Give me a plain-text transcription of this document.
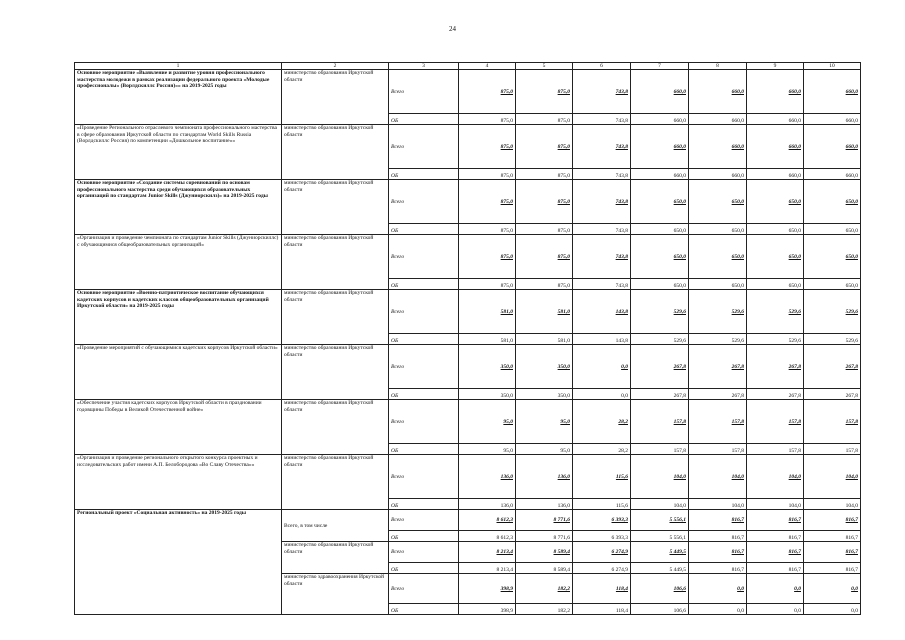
24
1	2	3	4	5	6	7	8	9	10
Основное мероприятие «Выявление и развитие уровня профессионального мастерства молодежи в рамках реализации федерального проекта «Молодые профессионалы» (Ворлдскиллс Россия)»» на 2019-2025 годы	министерство образования Иркутской области	Всего	875,0	875,0	743,8	660,0	660,0	660,0	660,0
		ОБ	875,0	875,0	743,8	660,0	660,0	660,0	660,0
«Проведение Регионального отраслевого чемпионата профессионального мастерства в сфере образования Иркутской области по стандартам World Skills Russia (Ворлдскиллс Россия) по компетенции «Дошкольное воспитание»»	министерство образования Иркутской области	Всего	875,0	875,0	743,8	660,0	660,0	660,0	660,0
		ОБ	875,0	875,0	743,8	660,0	660,0	660,0	660,0
Основное мероприятие «Создание системы соревнований по основам профессионального мастерства среди обучающихся образовательных организаций по стандартам Junior Skills (Джуниорскилз)» на 2019-2025 годы	министерство образования Иркутской области	Всего	875,0	875,0	743,8	650,0	650,0	650,0	650,0
		ОБ	875,0	875,0	743,8	650,0	650,0	650,0	650,0
«Организация и проведение чемпионата по стандартам Junior Skills (Джуниорскиллс) с обучающимися общеобразовательных организаций»	министерство образования Иркутской области	Всего	875,0	875,0	743,8	650,0	650,0	650,0	650,0
		ОБ	875,0	875,0	743,8	650,0	650,0	650,0	650,0
Основное мероприятие «Военно-патриотическое воспитание обучающихся кадетских корпусов и кадетских классов общеобразовательных организаций Иркутской области» на 2019-2025 годы	министерство образования Иркутской области	Всего	581,0	581,0	143,8	529,6	529,6	529,6	529,6
		ОБ	581,0	581,0	143,8	529,6	529,6	529,6	529,6
«Проведение мероприятий с обучающимися кадетских корпусов Иркутской области»	министерство образования Иркутской области	Всего	350,0	350,0	0,0	267,8	267,8	267,8	267,8
		ОБ	350,0	350,0	0,0	267,8	267,8	267,8	267,8
«Обеспечение участия кадетских корпусов Иркутской области в праздновании годовщины Победы в Великой Отечественной войне»	министерство образования Иркутской области	Всего	95,0	95,0	28,2	157,8	157,8	157,8	157,8
		ОБ	95,0	95,0	28,2	157,8	157,8	157,8	157,8
«Организация и проведение регионального открытого конкурса проектных и исследовательских работ имени А.П. Белобородова «Во Славу Отечества»»	министерство образования Иркутской области	Всего	136,0	136,0	115,6	104,0	104,0	104,0	104,0
		ОБ	136,0	136,0	115,6	104,0	104,0	104,0	104,0
Региональный проект «Социальная активность» на 2019-2025 годы	Всего, в том числе	Всего	8 612,3	8 771,6	6 393,3	5 556,1	816,7	816,7	816,7
		ОБ	8 612,3	8 771,6	6 393,3	5 556,1	816,7	816,7	816,7
	министерство образования Иркутской области	Всего	8 213,4	8 589,4	6 274,9	5 449,5	816,7	816,7	816,7
		ОБ	8 213,4	8 589,4	6 274,9	5 449,5	816,7	816,7	816,7
	министерство здравоохранения Иркутской области	Всего	398,9	182,2	118,4	106,6	0,0	0,0	0,0
		ОБ	398,9	182,2	118,4	106,6	0,0	0,0	0,0
